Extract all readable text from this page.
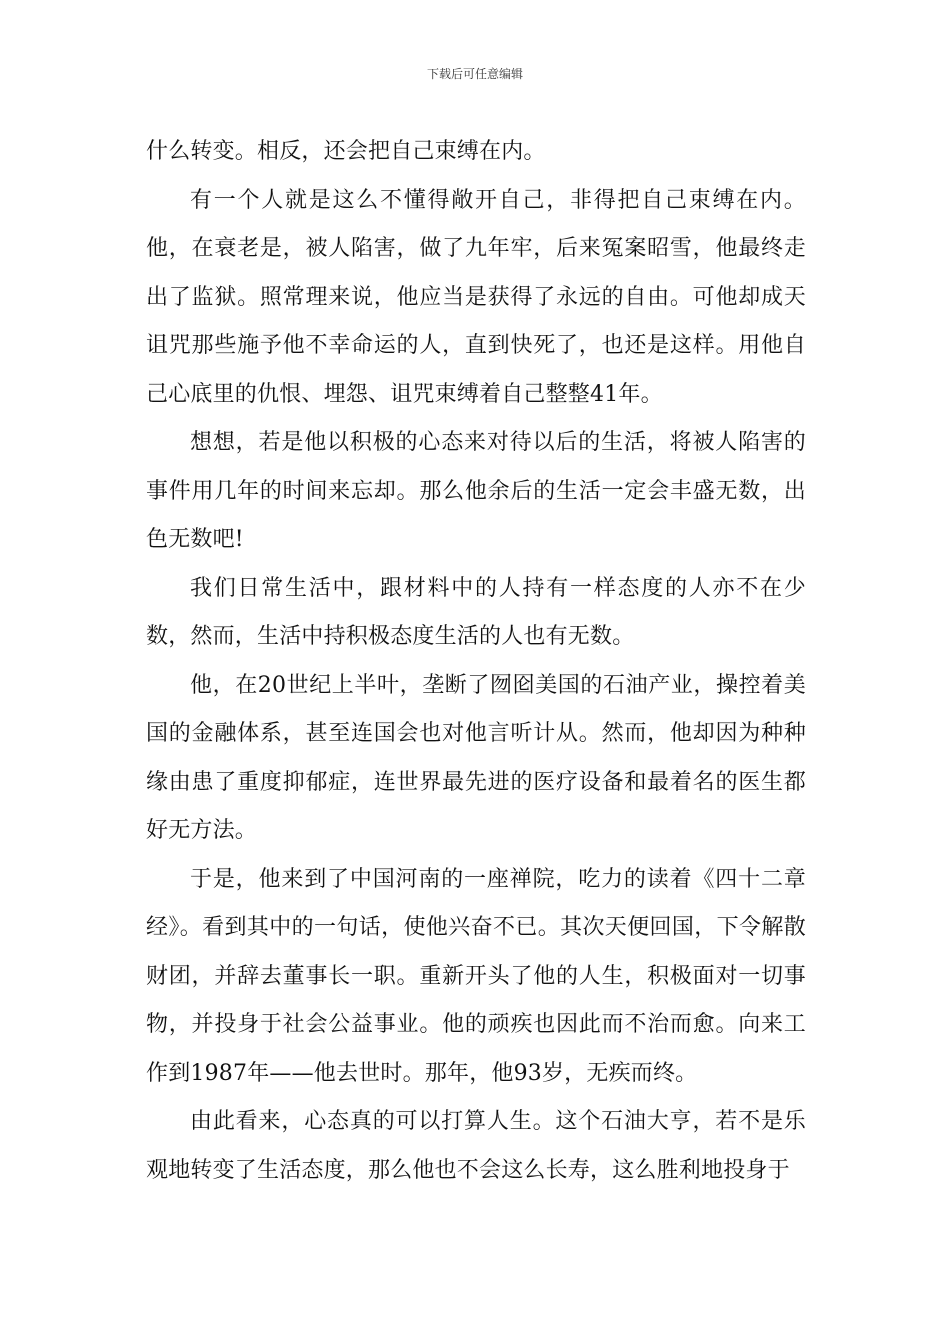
下载后可任意编辑

什么转变。相反，还会把自己束缚在内。

有一个人就是这么不懂得敞开自己，非得把自己束缚在内。他，在衰老是，被人陷害，做了九年牢，后来冤案昭雪，他最终走出了监狱。照常理来说，他应当是获得了永远的自由。可他却成天诅咒那些施予他不幸命运的人，直到快死了，也还是这样。用他自己心底里的仇恨、埋怨、诅咒束缚着自己整整41年。

想想，若是他以积极的心态来对待以后的生活，将被人陷害的事件用几年的时间来忘却。那么他余后的生活一定会丰盛无数，出色无数吧!

我们日常生活中，跟材料中的人持有一样态度的人亦不在少数，然而，生活中持积极态度生活的人也有无数。

他，在20世纪上半叶，垄断了囫囵美国的石油产业，操控着美国的金融体系，甚至连国会也对他言听计从。然而，他却因为种种缘由患了重度抑郁症，连世界最先进的医疗设备和最着名的医生都好无方法。

于是，他来到了中国河南的一座禅院，吃力的读着《四十二章经》。看到其中的一句话，使他兴奋不已。其次天便回国，下令解散财团，并辞去董事长一职。重新开头了他的人生，积极面对一切事物，并投身于社会公益事业。他的顽疾也因此而不治而愈。向来工作到1987年——他去世时。那年，他93岁，无疾而终。

由此看来，心态真的可以打算人生。这个石油大亨，若不是乐观地转变了生活态度，那么他也不会这么长寿，这么胜利地投身于
